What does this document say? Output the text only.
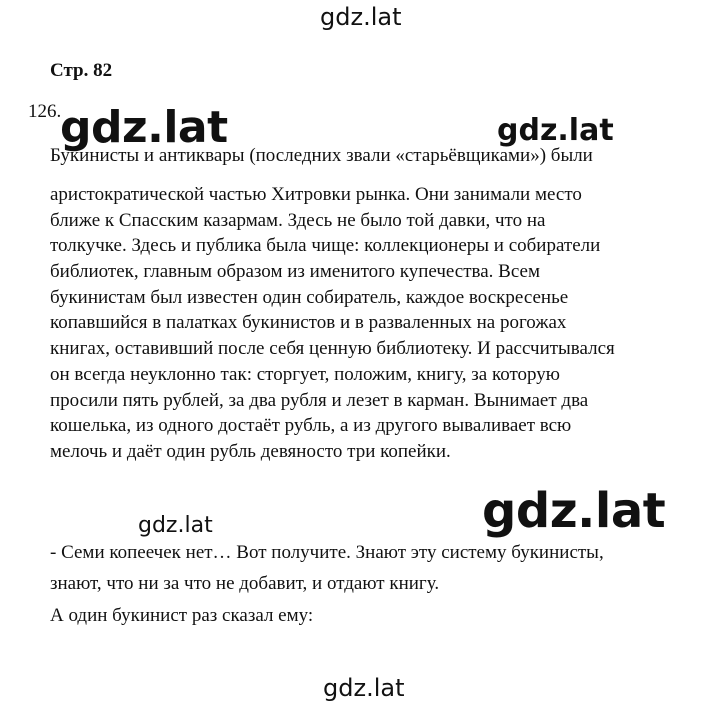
Стр. 82
126.

Букинисты и антиквары (последних звали «старьёвщиками») были

аристократической частью Хитровки рынка. Они занимали место
ближе к Спасским казармам. Здесь не было той давки, что на
толкучке. Здесь и публика была чище: коллекционеры и собиратели
библиотек, главным образом из именитого купечества. Всем
букинистам был известен один собиратель, каждое воскресенье
копавшийся в палатках букинистов и в разваленных на рогожах
книгах, оставивший после себя ценную библиотеку. И рассчитывался
он всегда неуклонно так: сторгует, положим, книгу, за которую
просили пять рублей, за два рубля и лезет в карман. Вынимает два
кошелька, из одного достаёт рубль, а из другого вываливает всю
мелочь и даёт один рубль девяносто три копейки.
- Семи копеечек нет… Вот получите. Знают эту систему букинисты,
знают, что ни за что не добавит, и отдают книгу.

А один букинист раз сказал ему:

gdz.lat
gdz.lat	gdz.lat
gdz.lat
gdz.lat
gdz.lat
